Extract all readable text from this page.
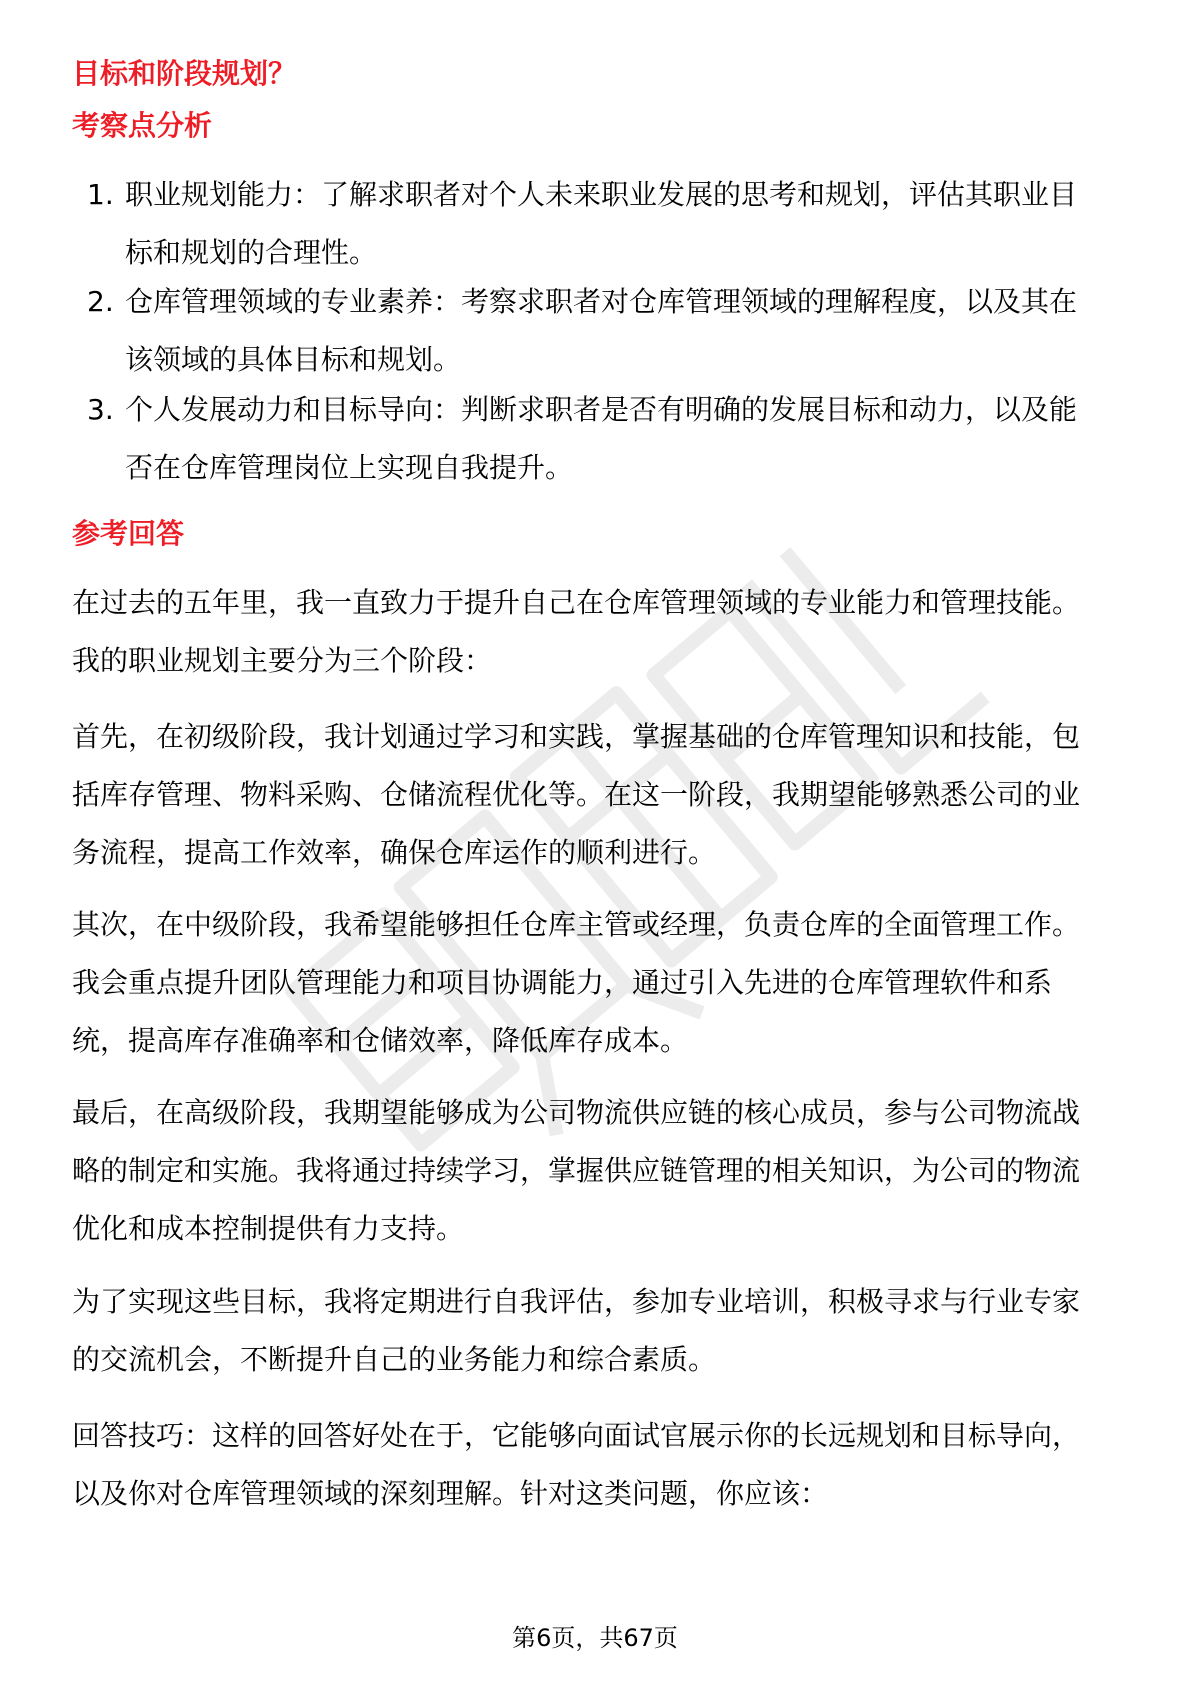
目标和阶段规划？
考察点分析
1. 职业规划能力：了解求职者对个人未来职业发展的思考和规划，评估其职业目
标和规划的合理性。
2. 仓库管理领域的专业素养：考察求职者对仓库管理领域的理解程度，以及其在
该领域的具体目标和规划。
3. 个人发展动力和目标导向：判断求职者是否有明确的发展目标和动力，以及能
否在仓库管理岗位上实现自我提升。
参考回答
在过去的五年里，我一直致力于提升自己在仓库管理领域的专业能力和管理技能。
我的职业规划主要分为三个阶段：
首先，在初级阶段，我计划通过学习和实践，掌握基础的仓库管理知识和技能，包
括库存管理、物料采购、仓储流程优化等。在这一阶段，我期望能够熟悉公司的业
务流程，提高工作效率，确保仓库运作的顺利进行。
其次，在中级阶段，我希望能够担任仓库主管或经理，负责仓库的全面管理工作。
我会重点提升团队管理能力和项目协调能力，通过引入先进的仓库管理软件和系
统，提高库存准确率和仓储效率，降低库存成本。
最后，在高级阶段，我期望能够成为公司物流供应链的核心成员，参与公司物流战
略的制定和实施。我将通过持续学习，掌握供应链管理的相关知识，为公司的物流
优化和成本控制提供有力支持。
为了实现这些目标，我将定期进行自我评估，参加专业培训，积极寻求与行业专家
的交流机会，不断提升自己的业务能力和综合素质。
回答技巧：这样的回答好处在于，它能够向面试官展示你的长远规划和目标导向，
以及你对仓库管理领域的深刻理解。针对这类问题，你应该：
第6页，共67页
